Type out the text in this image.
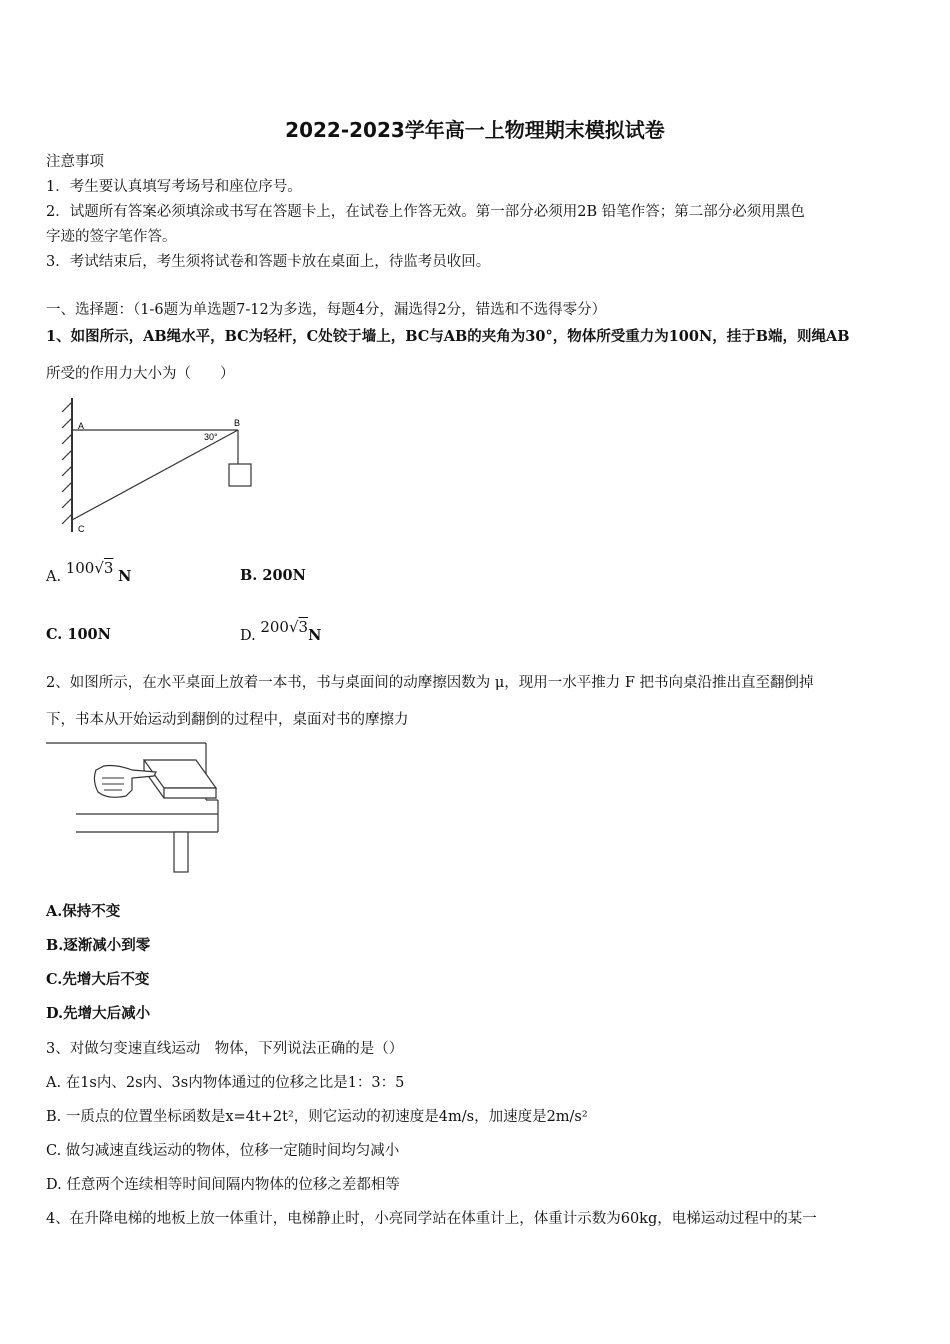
2022-2023学年高一上物理期末模拟试卷
注意事项
1．考生要认真填写考场号和座位序号。
2．试题所有答案必须填涂或书写在答题卡上，在试卷上作答无效。第一部分必须用2B 铅笔作答；第二部分必须用黑色
字迹的签字笔作答。
3．考试结束后，考生须将试卷和答题卡放在桌面上，待监考员收回。
一、选择题：（1-6题为单选题7-12为多选，每题4分，漏选得2分，错选和不选得零分）
1、如图所示，AB绳水平，BC为轻杆，C处铰于墙上，BC与AB的夹角为30°，物体所受重力为100N，挂于B端，则绳AB
所受的作用力大小为（　　）
A	B
C
30°
A. 100√3 N	B. 200N
C. 100N	D. 200√3N
2、如图所示，在水平桌面上放着一本书，书与桌面间的动摩擦因数为 μ，现用一水平推力 F 把书向桌沿推出直至翻倒掉
下，书本从开始运动到翻倒的过程中，桌面对书的摩擦力
A.保持不变
B.逐渐减小到零
C.先增大后不变
D.先增大后减小
3、对做匀变速直线运动　物体，下列说法正确的是（）
A. 在1s内、2s内、3s内物体通过的位移之比是1：3：5
B. 一质点的位置坐标函数是x=4t+2t²，则它运动的初速度是4m/s，加速度是2m/s²
C. 做匀减速直线运动的物体，位移一定随时间均匀减小
D. 任意两个连续相等时间间隔内物体的位移之差都相等
4、在升降电梯的地板上放一体重计，电梯静止时，小亮同学站在体重计上，体重计示数为60kg，电梯运动过程中的某一
